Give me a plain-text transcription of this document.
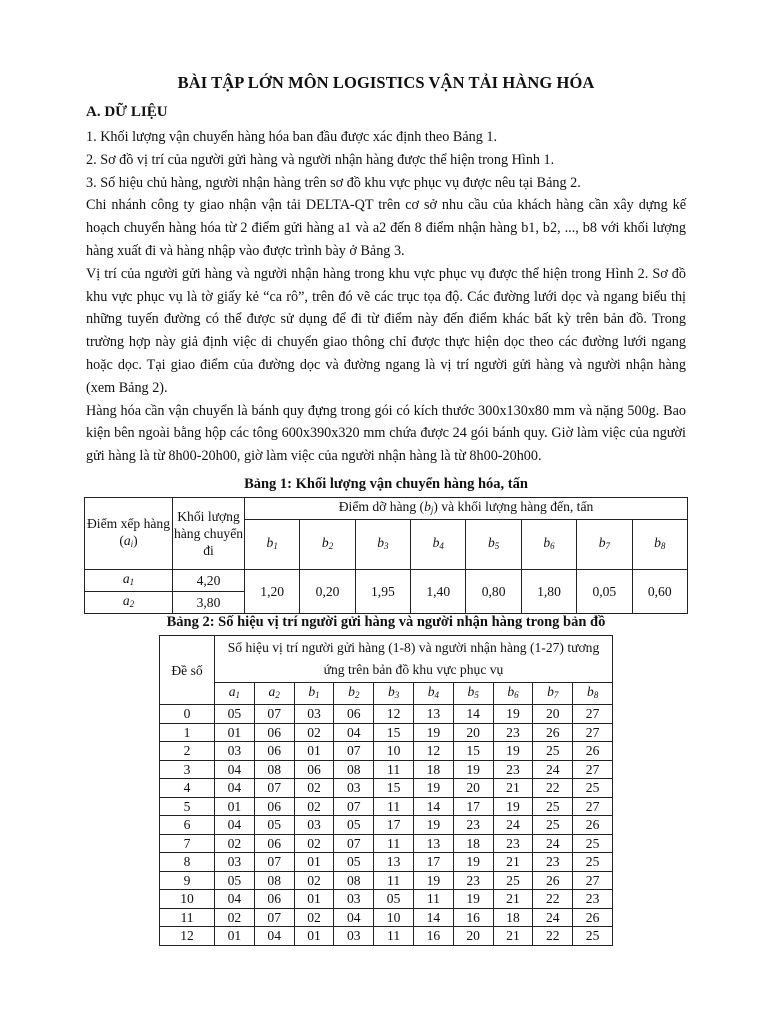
BÀI TẬP LỚN MÔN LOGISTICS VẬN TẢI HÀNG HÓA
A. DỮ LIỆU

1. Khối lượng vận chuyển hàng hóa ban đầu được xác định theo Bảng 1.

2. Sơ đồ vị trí của người gửi hàng và người nhận hàng được thể hiện trong Hình 1.

3. Số hiệu chủ hàng, người nhận hàng trên sơ đồ khu vực phục vụ được nêu tại Bảng 2.

Chi nhánh công ty giao nhận vận tải DELTA-QT trên cơ sở nhu cầu của khách hàng cần xây dựng kế hoạch chuyển hàng hóa từ 2 điểm gửi hàng a1 và a2 đến 8 điểm nhận hàng b1, b2, ..., b8 với khối lượng hàng xuất đi và hàng nhập vào được trình bày ở Bảng 3.

Vị trí của người gửi hàng và người nhận hàng trong khu vực phục vụ được thể hiện trong Hình 2. Sơ đồ khu vực phục vụ là tờ giấy kẻ “ca rô”, trên đó vẽ các trục tọa độ. Các đường lưới dọc và ngang biểu thị những tuyến đường có thể được sử dụng để đi từ điểm này đến điểm khác bất kỳ trên bản đồ. Trong trường hợp này giả định việc di chuyển giao thông chỉ được thực hiện dọc theo các đường lưới ngang hoặc dọc. Tại giao điểm của đường dọc và đường ngang là vị trí người gửi hàng và người nhận hàng (xem Bảng 2).

Hàng hóa cần vận chuyển là bánh quy đựng trong gói có kích thước 300x130x80 mm và nặng 500g. Bao kiện bên ngoài bằng hộp các tông 600x390x320 mm chứa được 24 gói bánh quy. Giờ làm việc của người gửi hàng là từ 8h00-20h00, giờ làm việc của người nhận hàng là từ 8h00-20h00.

Bảng 1: Khối lượng vận chuyển hàng hóa, tấn
Điểm xếp hàng $(a_i)$	Khối lượng hàng chuyển đi	Điểm dỡ hàng $(b_j)$ và khối lượng hàng đến, tấn							
		$b_1$	$b_2$	$b_3$	$b_4$	$b_5$	$b_6$	$b_7$	$b_8$
$a_1$	4,20	1,20	0,20	1,95	1,40	0,80	1,80	0,05	0,60
$a_2$	3,80								
Bảng 2: Số hiệu vị trí người gửi hàng và người nhận hàng trong bản đồ
Đề số	Số hiệu vị trí người gửi hàng (1-8) và người nhận hàng (1-27) tương ứng trên bản đồ khu vực phục vụ									
	$a_1$	$a_2$	$b_1$	$b_2$	$b_3$	$b_4$	$b_5$	$b_6$	$b_7$	$b_8$
0	05	07	03	06	12	13	14	19	20	27
1	01	06	02	04	15	19	20	23	26	27
2	03	06	01	07	10	12	15	19	25	26
3	04	08	06	08	11	18	19	23	24	27
4	04	07	02	03	15	19	20	21	22	25
5	01	06	02	07	11	14	17	19	25	27
6	04	05	03	05	17	19	23	24	25	26
7	02	06	02	07	11	13	18	23	24	25
8	03	07	01	05	13	17	19	21	23	25
9	05	08	02	08	11	19	23	25	26	27
10	04	06	01	03	05	11	19	21	22	23
11	02	07	02	04	10	14	16	18	24	26
12	01	04	01	03	11	16	20	21	22	25
